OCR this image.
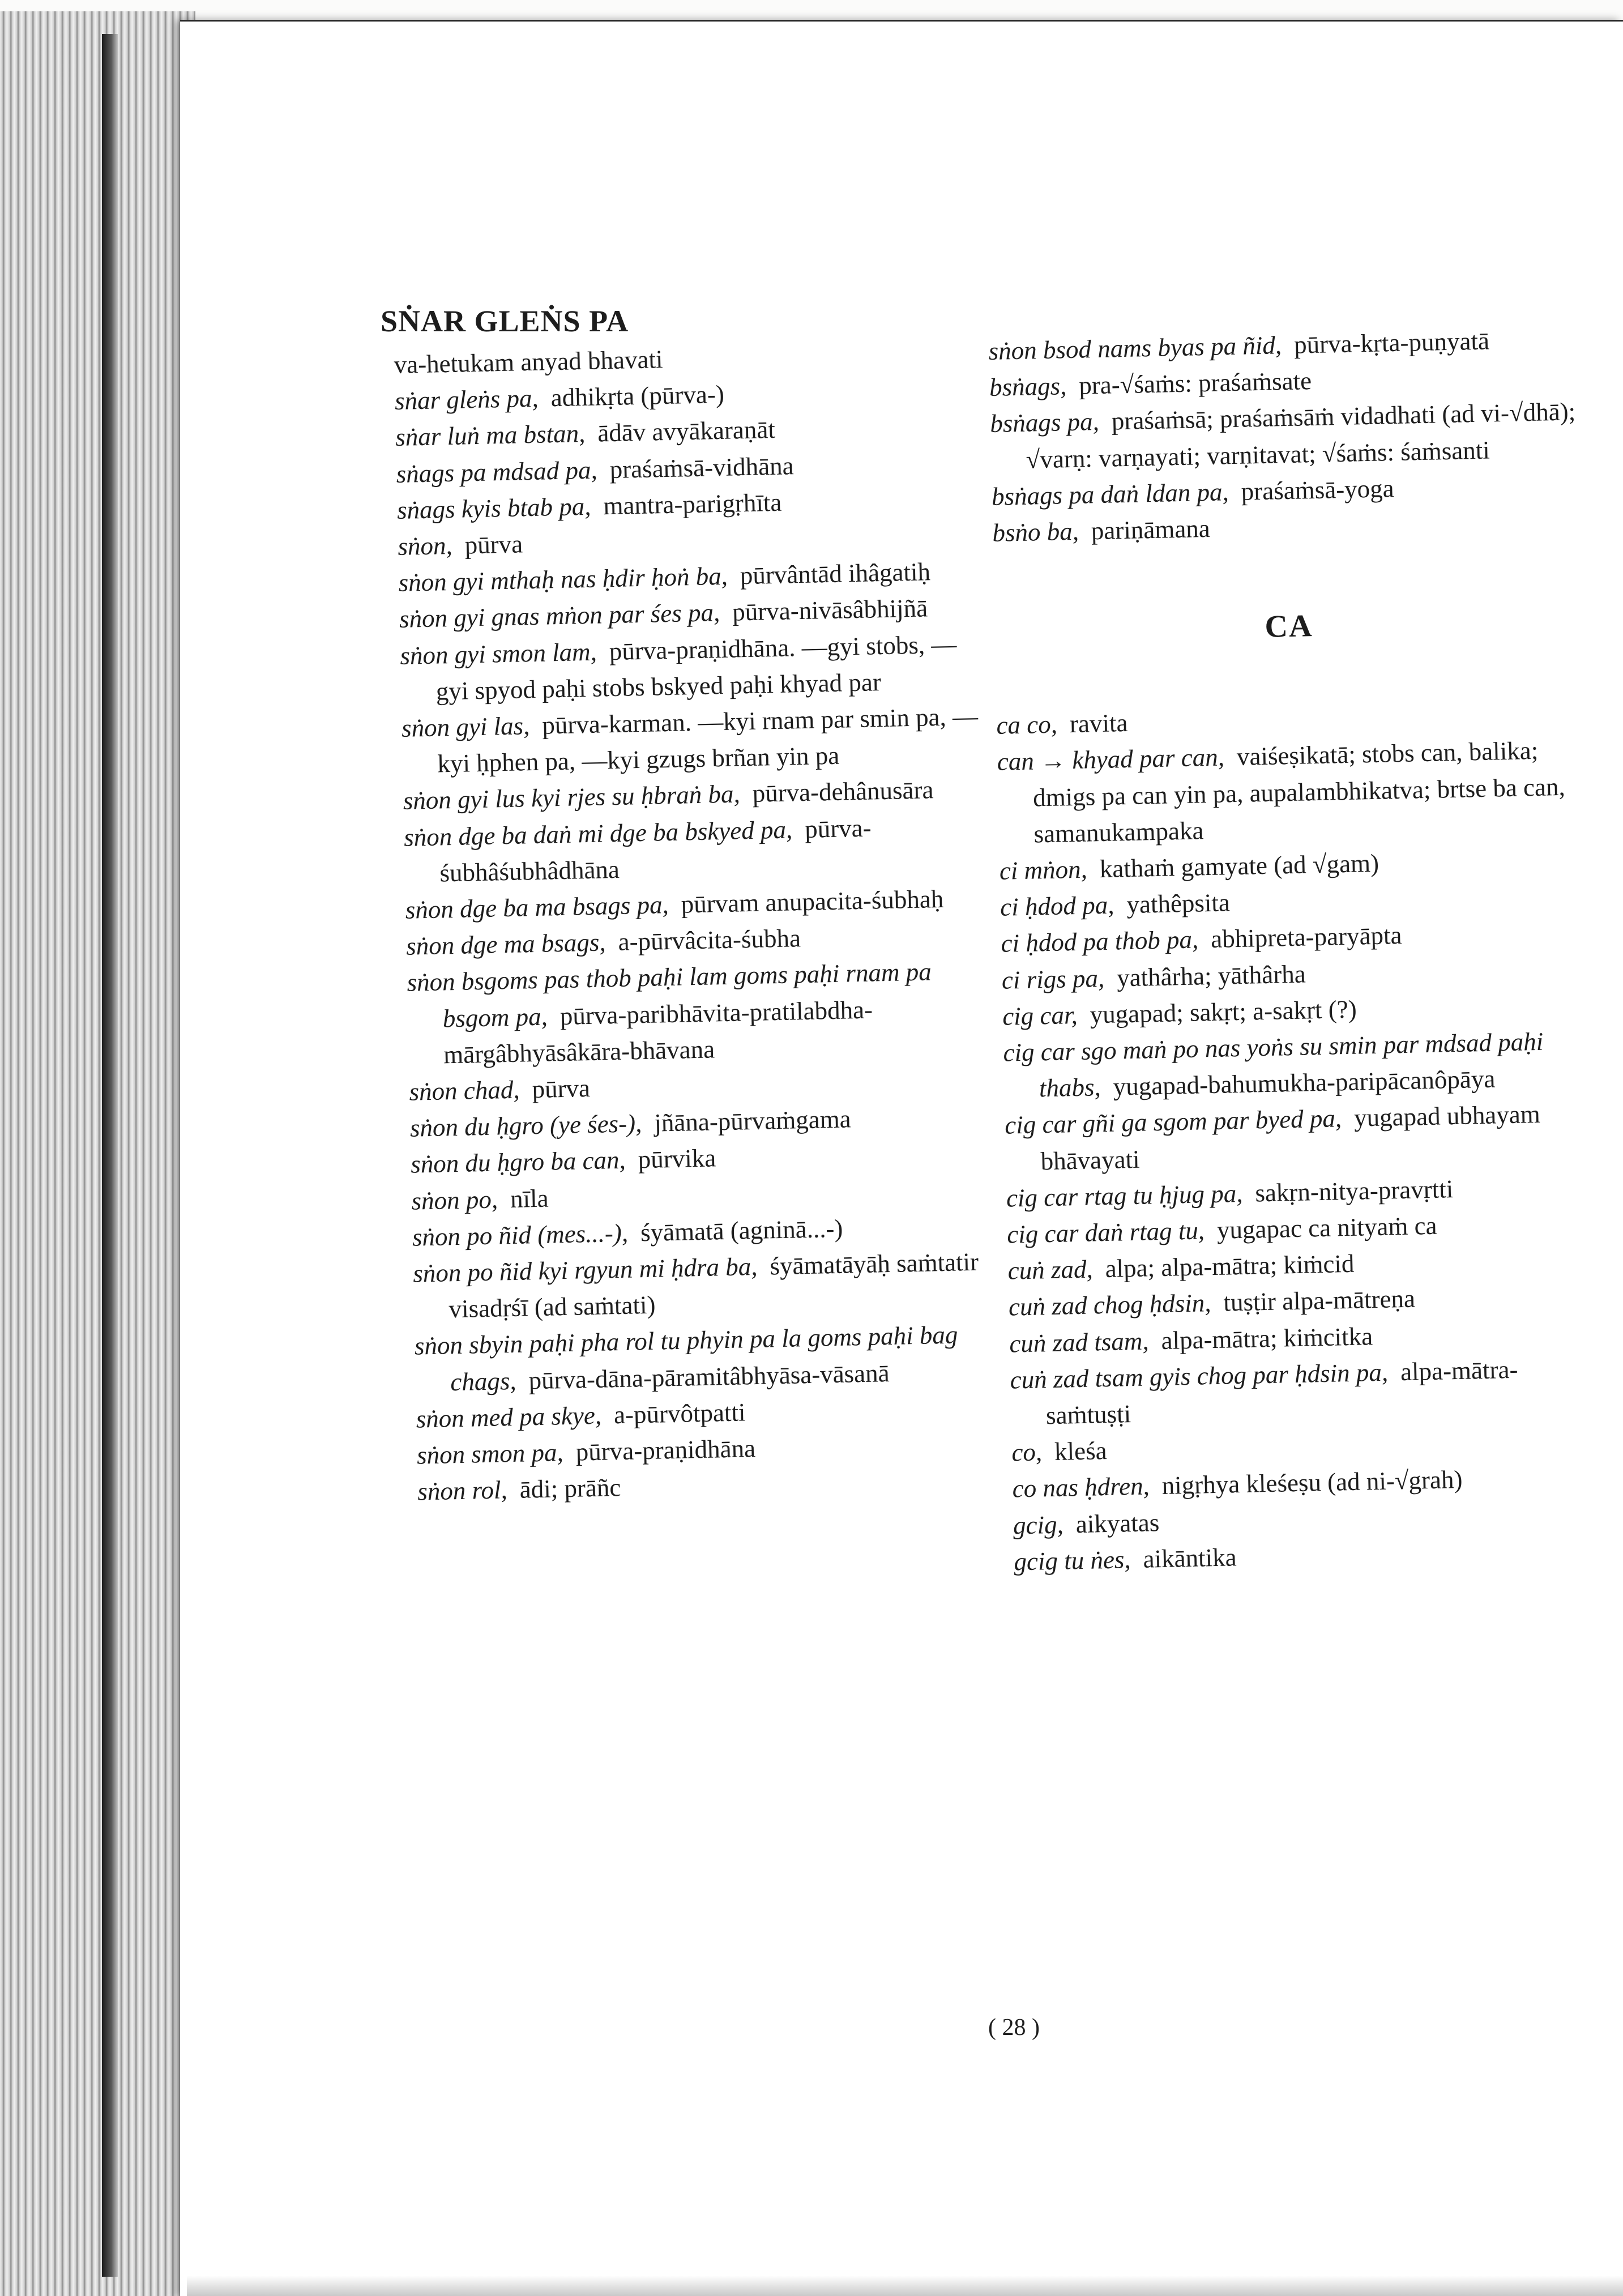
SṄAR GLEṄS PA
va-hetukam anyad bhavati
sṅar gleṅs pa, adhikṛta (pūrva-)
sṅar luṅ ma bstan, ādāv avyākaraṇāt
sṅags pa mdsad pa, praśaṁsā-vidhāna
sṅags kyis btab pa, mantra-parigṛhīta
sṅon, pūrva
sṅon gyi mthaḥ nas ḥdir ḥoṅ ba, pūrvântād ihâgatiḥ
sṅon gyi gnas mṅon par śes pa, pūrva-nivāsâbhijñā
sṅon gyi smon lam, pūrva-praṇidhāna. —gyi stobs, —gyi spyod paḥi stobs bskyed paḥi khyad par
sṅon gyi las, pūrva-karman. —kyi rnam par smin pa, —kyi ḥphen pa, —kyi gzugs brñan yin pa
sṅon gyi lus kyi rjes su ḥbraṅ ba, pūrva-dehânusāra
sṅon dge ba daṅ mi dge ba bskyed pa, pūrva-śubhâśubhâdhāna
sṅon dge ba ma bsags pa, pūrvam anupacita-śubhaḥ
sṅon dge ma bsags, a-pūrvâcita-śubha
sṅon bsgoms pas thob paḥi lam goms paḥi rnam pa bsgom pa, pūrva-paribhāvita-pratilabdha-mārgâbhyāsâkāra-bhāvana
sṅon chad, pūrva
sṅon du ḥgro (ye śes-), jñāna-pūrvaṁgama
sṅon du ḥgro ba can, pūrvika
sṅon po, nīla
sṅon po ñid (mes...-), śyāmatā (agninā...-)
sṅon po ñid kyi rgyun mi ḥdra ba, śyāmatāyāḥ saṁtatir visadṛśī (ad saṁtati)
sṅon sbyin paḥi pha rol tu phyin pa la goms paḥi bag chags, pūrva-dāna-pāramitâbhyāsa-vāsanā
sṅon med pa skye, a-pūrvôtpatti
sṅon smon pa, pūrva-praṇidhāna
sṅon rol, ādi; prāñc
sṅon bsod nams byas pa ñid, pūrva-kṛta-puṇyatā
bsṅags, pra-√śaṁs: praśaṁsate
bsṅags pa, praśaṁsā; praśaṁsāṁ vidadhati (ad vi-√dhā); √varṇ: varṇayati; varṇitavat; √śaṁs: śaṁsanti
bsṅags pa daṅ ldan pa, praśaṁsā-yoga
bsṅo ba, pariṇāmana
CA
ca co, ravita
can → khyad par can, vaiśeṣikatā; stobs can, balika; dmigs pa can yin pa, aupalambhikatva; brtse ba can, samanukampaka
ci mṅon, kathaṁ gamyate (ad √gam)
ci ḥdod pa, yathêpsita
ci ḥdod pa thob pa, abhipreta-paryāpta
ci rigs pa, yathârha; yāthârha
cig car, yugapad; sakṛt; a-sakṛt (?)
cig car sgo maṅ po nas yoṅs su smin par mdsad paḥi thabs, yugapad-bahumukha-paripācanôpāya
cig car gñi ga sgom par byed pa, yugapad ubhayam bhāvayati
cig car rtag tu ḥjug pa, sakṛn-nitya-pravṛtti
cig car daṅ rtag tu, yugapac ca nityaṁ ca
cuṅ zad, alpa; alpa-mātra; kiṁcid
cuṅ zad chog ḥdsin, tuṣṭir alpa-mātreṇa
cuṅ zad tsam, alpa-mātra; kiṁcitka
cuṅ zad tsam gyis chog par ḥdsin pa, alpa-mātra-saṁtuṣṭi
co, kleśa
co nas ḥdren, nigṛhya kleśeṣu (ad ni-√grah)
gcig, aikyatas
gcig tu ṅes, aikāntika
( 28 )
